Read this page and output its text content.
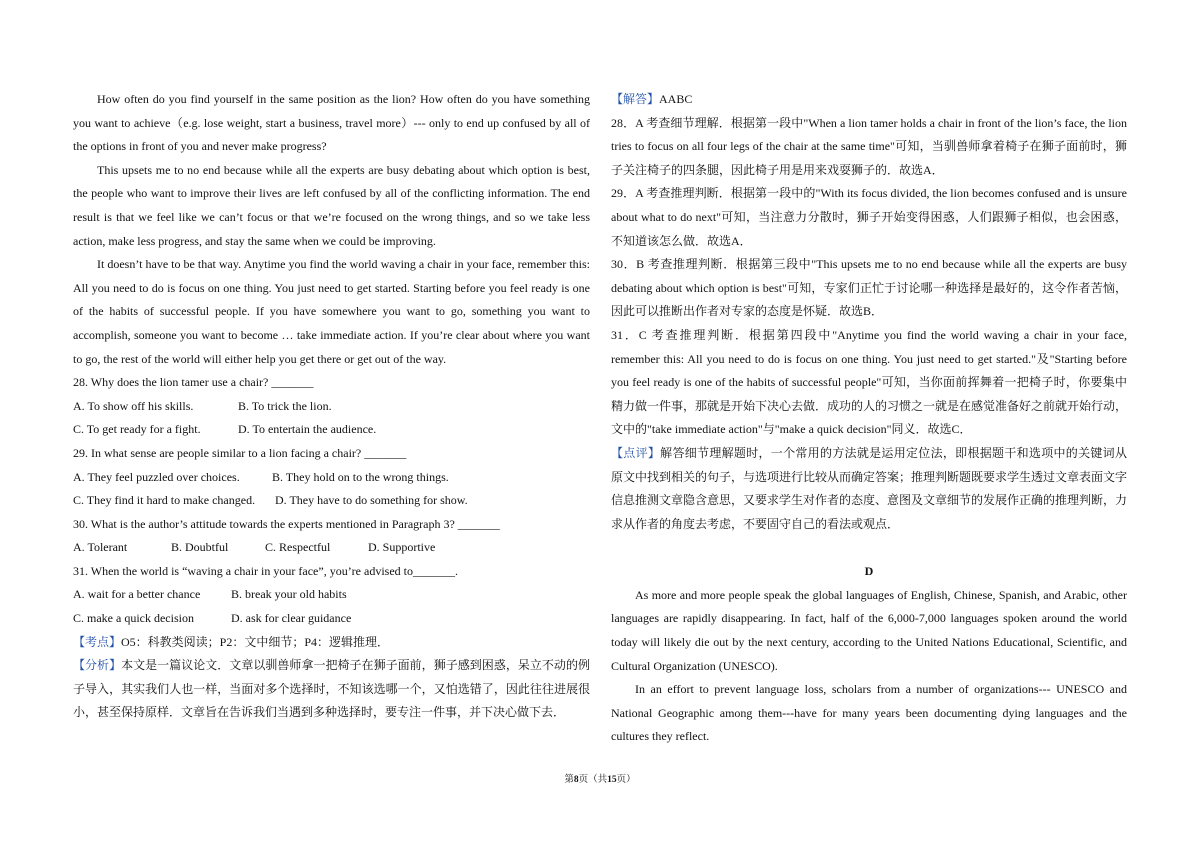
How often do you find yourself in the same position as the lion? How often do you have something you want to achieve（e.g. lose weight, start a business, travel more）--- only to end up confused by all of the options in front of you and never make progress?

This upsets me to no end because while all the experts are busy debating about which option is best, the people who want to improve their lives are left confused by all of the conflicting information. The end result is that we feel like we can’t focus or that we’re focused on the wrong things, and so we take less action, make less progress, and stay the same when we could be improving.

It doesn’t have to be that way. Anytime you find the world waving a chair in your face, remember this: All you need to do is focus on one thing. You just need to get started. Starting before you feel ready is one of the habits of successful people. If you have somewhere you want to go, something you want to accomplish, someone you want to become … take immediate action. If you’re clear about where you want to go, the rest of the world will either help you get there or get out of the way.

28. Why does the lion tamer use a chair? _______

A. To show off his skills.	B. To trick the lion.

C. To get ready for a fight.	D. To entertain the audience.

29. In what sense are people similar to a lion facing a chair? _______

A. They feel puzzled over choices.	B. They hold on to the wrong things.

C. They find it hard to make changed. D. They have to do something for show.

30. What is the author’s attitude towards the experts mentioned in Paragraph 3? _______

A. Tolerant	B. Doubtful	C. Respectful	D. Supportive

31. When the world is “waving a chair in your face”, you’re advised to_______.

A. wait for a better chance	B. break your old habits

C. make a quick decision	D. ask for clear guidance

【考点】O5：科教类阅读；P2：文中细节；P4：逻辑推理．

【分析】本文是一篇议论文．文章以驯兽师拿一把椅子在狮子面前，狮子感到困惑，呆立不动的例子导入，其实我们人也一样，当面对多个选择时，不知该选哪一个，又怕选错了，因此往往进展很小，甚至保持原样．文章旨在告诉我们当遇到多种选择时，要专注一件事，并下决心做下去．

【解答】AABC

28．A 考查细节理解．根据第一段中"When a lion tamer holds a chair in front of the lion’s face, the lion tries to focus on all four legs of the chair at the same time"可知，当驯兽师拿着椅子在狮子面前时，狮子关注椅子的四条腿，因此椅子用是用来戏耍狮子的．故选A．

29．A 考查推理判断．根据第一段中的"With its focus divided, the lion becomes confused and is unsure about what to do next"可知，当注意力分散时，狮子开始变得困惑，人们跟狮子相似，也会困惑，不知道该怎么做．故选A．

30．B 考查推理判断．根据第三段中"This upsets me to no end because while all the experts are busy debating about which option is best"可知，专家们正忙于讨论哪一种选择是最好的，这令作者苦恼，因此可以推断出作者对专家的态度是怀疑．故选B．

31．C 考查推理判断．根据第四段中"Anytime you find the world waving a chair in your face, remember this: All you need to do is focus on one thing. You just need to get started."及"Starting before you feel ready is one of the habits of successful people"可知，当你面前挥舞着一把椅子时，你要集中精力做一件事，那就是开始下决心去做．成功的人的习惯之一就是在感觉准备好之前就开始行动，文中的"take immediate action"与"make a quick decision"同义．故选C．

【点评】解答细节理解题时，一个常用的方法就是运用定位法，即根据题干和选项中的关键词从原文中找到相关的句子，与选项进行比较从而确定答案；推理判断题既要求学生透过文章表面文字信息推测文章隐含意思，又要求学生对作者的态度、意图及文章细节的发展作正确的推理判断，力求从作者的角度去考虑，不要固守自己的看法或观点．

D

As more and more people speak the global languages of English, Chinese, Spanish, and Arabic, other languages are rapidly disappearing. In fact, half of the 6,000-7,000 languages spoken around the world today will likely die out by the next century, according to the United Nations Educational, Scientific, and Cultural Organization (UNESCO).

In an effort to prevent language loss, scholars from a number of organizations--- UNESCO and National Geographic among them---have for many years been documenting dying languages and the cultures they reflect.

第8页（共15页）
